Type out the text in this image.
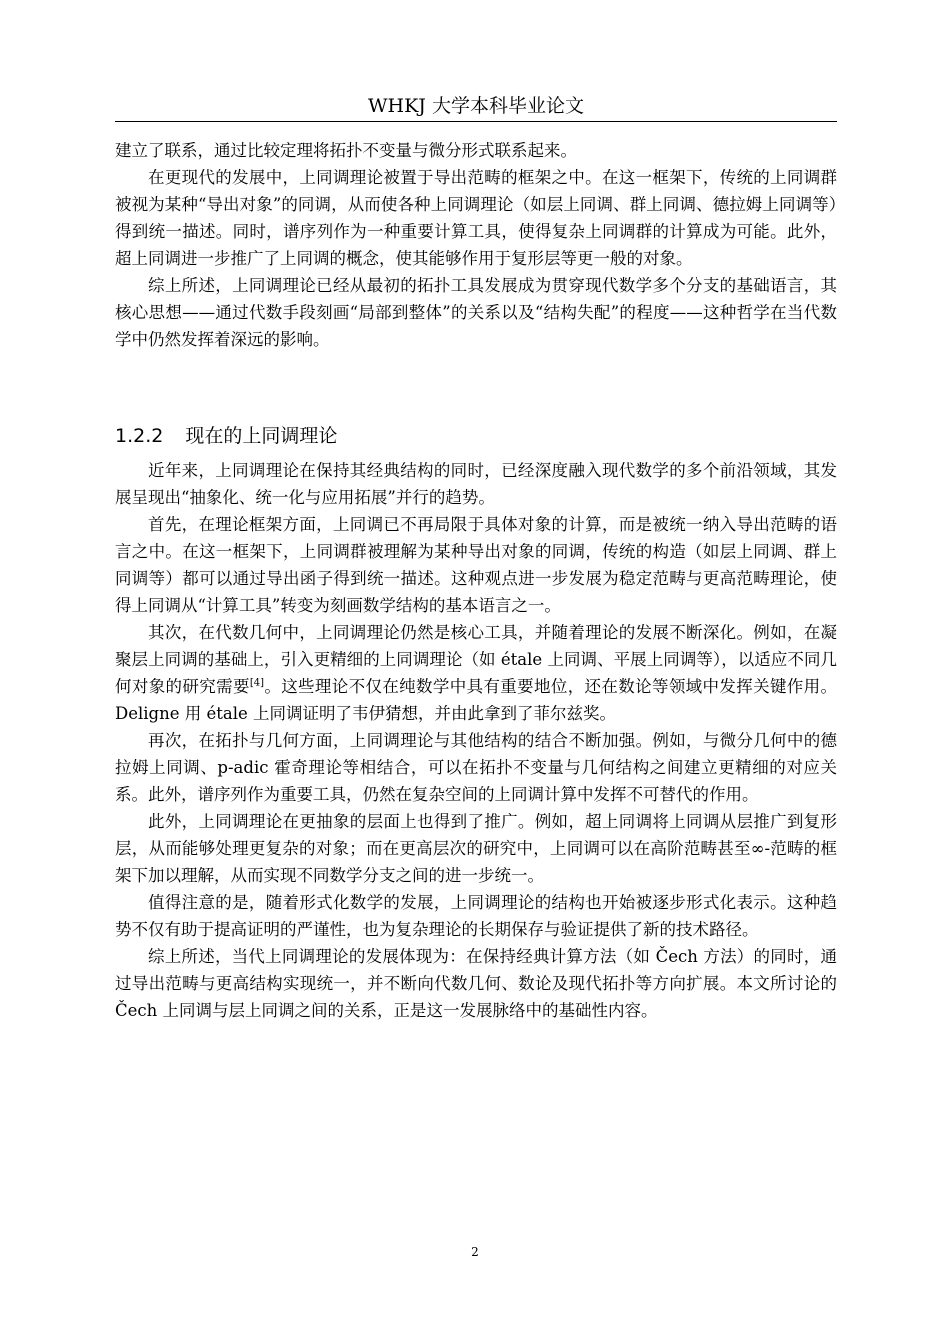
WHKJ 大学本科毕业论文

建立了联系，通过比较定理将拓扑不变量与微分形式联系起来。

在更现代的发展中，上同调理论被置于导出范畴的框架之中。在这一框架下，传统的上同调群被视为某种“导出对象”的同调，从而使各种上同调理论（如层上同调、群上同调、德拉姆上同调等）得到统一描述。同时，谱序列作为一种重要计算工具，使得复杂上同调群的计算成为可能。此外，超上同调进一步推广了上同调的概念，使其能够作用于复形层等更一般的对象。

综上所述，上同调理论已经从最初的拓扑工具发展成为贯穿现代数学多个分支的基础语言，其核心思想——通过代数手段刻画“局部到整体”的关系以及“结构失配”的程度——这种哲学在当代数学中仍然发挥着深远的影响。

1.2.2 现在的上同调理论

近年来，上同调理论在保持其经典结构的同时，已经深度融入现代数学的多个前沿领域，其发展呈现出“抽象化、统一化与应用拓展”并行的趋势。

首先，在理论框架方面，上同调已不再局限于具体对象的计算，而是被统一纳入导出范畴的语言之中。在这一框架下，上同调群被理解为某种导出对象的同调，传统的构造（如层上同调、群上同调等）都可以通过导出函子得到统一描述。这种观点进一步发展为稳定范畴与更高范畴理论，使得上同调从“计算工具”转变为刻画数学结构的基本语言之一。

其次，在代数几何中，上同调理论仍然是核心工具，并随着理论的发展不断深化。例如，在凝聚层上同调的基础上，引入更精细的上同调理论（如 étale 上同调、平展上同调等），以适应不同几何对象的研究需要[4]。这些理论不仅在纯数学中具有重要地位，还在数论等领域中发挥关键作用。Deligne 用 étale 上同调证明了韦伊猜想，并由此拿到了菲尔兹奖。

再次，在拓扑与几何方面，上同调理论与其他结构的结合不断加强。例如，与微分几何中的德拉姆上同调、p-adic 霍奇理论等相结合，可以在拓扑不变量与几何结构之间建立更精细的对应关系。此外，谱序列作为重要工具，仍然在复杂空间的上同调计算中发挥不可替代的作用。

此外，上同调理论在更抽象的层面上也得到了推广。例如，超上同调将上同调从层推广到复形层，从而能够处理更复杂的对象；而在更高层次的研究中，上同调可以在高阶范畴甚至∞-范畴的框架下加以理解，从而实现不同数学分支之间的进一步统一。

值得注意的是，随着形式化数学的发展，上同调理论的结构也开始被逐步形式化表示。这种趋势不仅有助于提高证明的严谨性，也为复杂理论的长期保存与验证提供了新的技术路径。

综上所述，当代上同调理论的发展体现为：在保持经典计算方法（如 Čech 方法）的同时，通过导出范畴与更高结构实现统一，并不断向代数几何、数论及现代拓扑等方向扩展。本文所讨论的 Čech 上同调与层上同调之间的关系，正是这一发展脉络中的基础性内容。

2
